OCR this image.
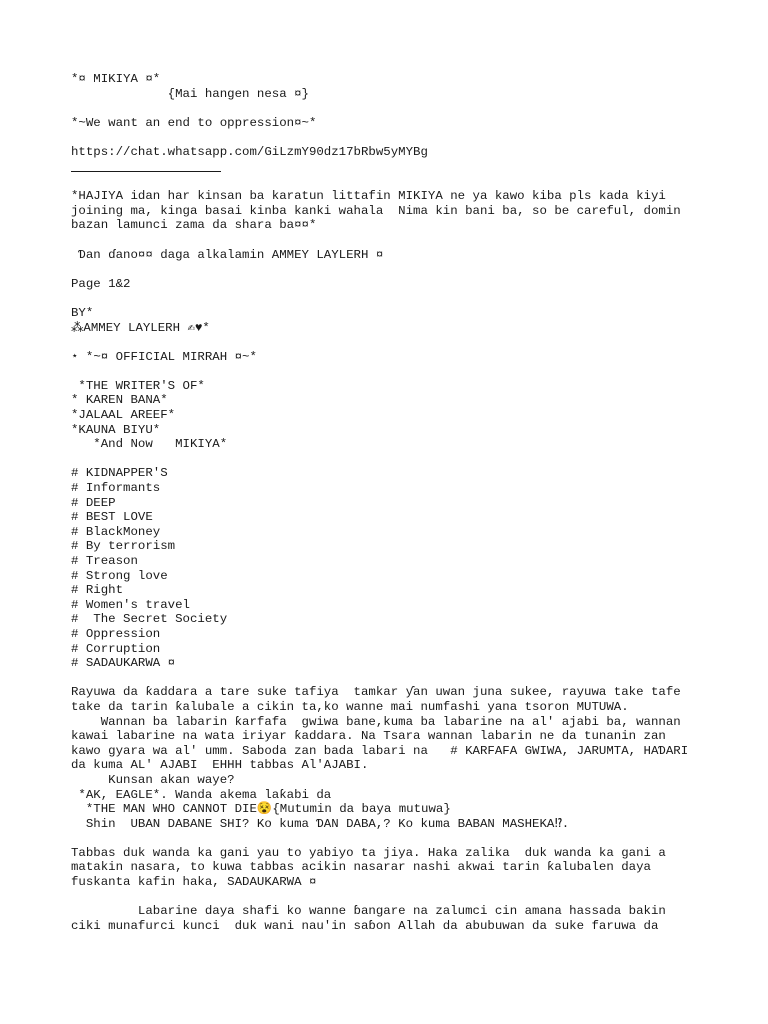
*¤ MIKIYA ¤*
{Mai hangen nesa ¤}
*~We want an end to oppression¤~*
https://chat.whatsapp.com/GiLzmY90dz17bRbw5yMYBg
*HAJIYA idan har kinsan ba karatun littafin MIKIYA ne ya kawo kiba pls kada kiyi
joining ma, kinga basai kinba kanki wahala  Nima kin bani ba, so be careful, domin
bazan lamunci zama da shara ba¤¤*
Ɗan ɗano¤¤ daga alkalamin AMMEY LAYLERH ¤
Page 1&2
BY*
⁂AMMEY LAYLERH ✍♥*
⋆ *~¤ OFFICIAL MIRRAH ¤~*
*THE WRITER'S OF*
* KAREN BANA*
*JALAAL AREEF*
*KAUNA BIYU*
*And Now   MIKIYA*
# KIDNAPPER'S
# Informants
# DEEP
# BEST LOVE
# BlackMoney
# By terrorism
# Treason
# Strong love
# Right
# Women's travel
#  The Secret Society
# Oppression
# Corruption
# SADAUKARWA ¤
Rayuwa da ƙaddara a tare suke tafiya  tamkar ƴan uwan juna sukee, rayuwa take tafe
take da tarin ƙalubale a cikin ta,ko wanne mai numfashi yana tsoron MUTUWA.
Wannan ba labarin ƙarfafa  gwiwa bane,kuma ba labarine na al' ajabi ba, wannan
kawai labarine na wata iriyar ƙaddara. Na Tsara wannan labarin ne da tunanin zan
kawo gyara wa al' umm. Saboda zan bada labari na   # KARFAFA GWIWA, JARUMTA, HAƊARI
da kuma AL' AJABI  EHHH tabbas Al'AJABI.
Kunsan akan waye?
*AK, EAGLE*. Wanda akema laƙabi da
*THE MAN WHO CANNOT DIE😵{Mutumin da baya mutuwa}
Shin  UBAN DABANE SHI? Ko kuma ƊAN DABA,? Ko kuma BABAN MASHEKA⁉.
Tabbas duk wanda ka gani yau to yabiyo ta jiya. Haka zalika  duk wanda ka gani a
matakin nasara, to kuwa tabbas acikin nasarar nashi akwai tarin ƙalubalen daya
fuskanta kafin haka, SADAUKARWA ¤
Labarine daya shafi ko wanne ɓangare na zalumci cin amana hassada bakin
ciki munafurci kunci  duk wani nau'in saɓon Allah da abubuwan da suke faruwa da
